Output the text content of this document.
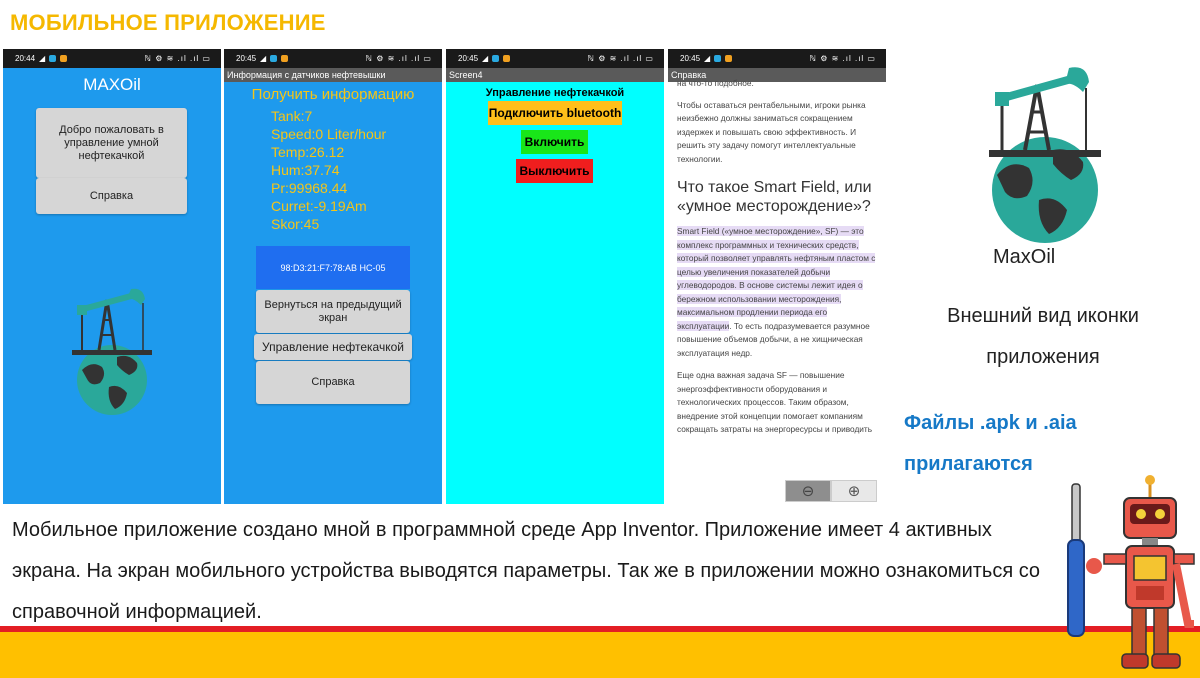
МОБИЛЬНОЕ ПРИЛОЖЕНИЕ
20:44 ◢	ℕ ⚙ ≋ .ıl .ıl ▭
MAXOil
Добро пожаловать в управление умной нефтекачкой
Справка
20:45 ◢	ℕ ⚙ ≋ .ıl .ıl ▭
Информация с датчиков нефтевышки
Получить информацию
Tank:7
Speed:0 Liter/hour
Temp:26.12
Hum:37.74
Pr:99968.44
Curret:-9.19Am
Skor:45
98:D3:21:F7:78:AB HC-05
Вернуться на предыдущий экран
Управление нефтекачкой
Справка
20:45 ◢	ℕ ⚙ ≋ .ıl .ıl ▭
Screen4
Управление нефтекачкой
Подключить bluetooth
Включить
Выключить
20:45 ◢	ℕ ⚙ ≋ .ıl .ıl ▭
Справка

на что-то подобное.

Чтобы оставаться рентабельными, игроки рынка неизбежно должны заниматься сокращением издержек и повышать свою эффективность. И решить эту задачу помогут интеллектуальные технологии.

Что такое Smart Field, или «умное месторождение»?

Smart Field («умное месторождение», SF) — это комплекс программных и технических средств, который позволяет управлять нефтяным пластом с целью увеличения показателей добычи углеводородов. В основе системы лежит идея о бережном использовании месторождения, максимальном продлении периода его эксплуатации. То есть подразумевается разумное повышение объемов добычи, а не хищническая эксплуатация недр.

Еще одна важная задача SF — повышение энергоэффективности оборудования и технологических процессов. Таким образом, внедрение этой концепции помогает компаниям сокращать затраты на энергоресурсы и приводить

⊖	⊕
MaxOil
Внешний вид иконки приложения
Файлы .apk и .aia прилагаются
Мобильное приложение создано мной в программной среде App Inventor. Приложение имеет 4 активных экрана. На экран мобильного устройства выводятся параметры. Так же в приложении можно ознакомиться со справочной информацией.
